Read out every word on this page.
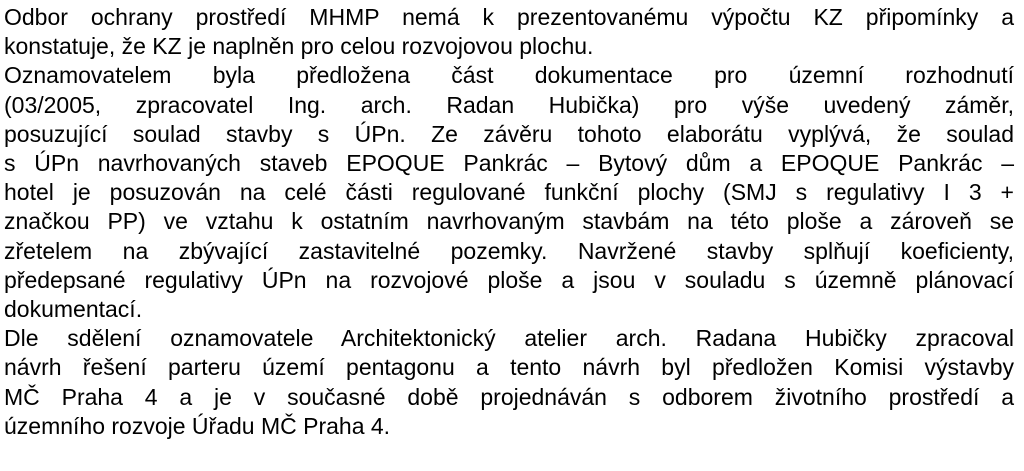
Odbor ochrany prostředí MHMP nemá k prezentovanému výpočtu KZ připomínky a
konstatuje, že KZ je naplněn pro celou rozvojovou plochu.
Oznamovatelem byla předložena část dokumentace pro územní rozhodnutí
(03/2005, zpracovatel Ing. arch. Radan Hubička) pro výše uvedený záměr,
posuzující soulad stavby s ÚPn. Ze závěru tohoto elaborátu vyplývá, že soulad
s ÚPn navrhovaných staveb EPOQUE Pankrác – Bytový dům a EPOQUE Pankrác –
hotel je posuzován na celé části regulované funkční plochy (SMJ s regulativy I 3 +
značkou PP) ve vztahu k ostatním navrhovaným stavbám na této ploše a zároveň se
zřetelem na zbývající zastavitelné pozemky. Navržené stavby splňují koeficienty,
předepsané regulativy ÚPn na rozvojové ploše a jsou v souladu s územně plánovací
dokumentací.
Dle sdělení oznamovatele Architektonický atelier arch. Radana Hubičky zpracoval
návrh řešení parteru území pentagonu a tento návrh byl předložen Komisi výstavby
MČ Praha 4 a je v současné době projednáván s odborem životního prostředí a
územního rozvoje Úřadu MČ Praha 4.
